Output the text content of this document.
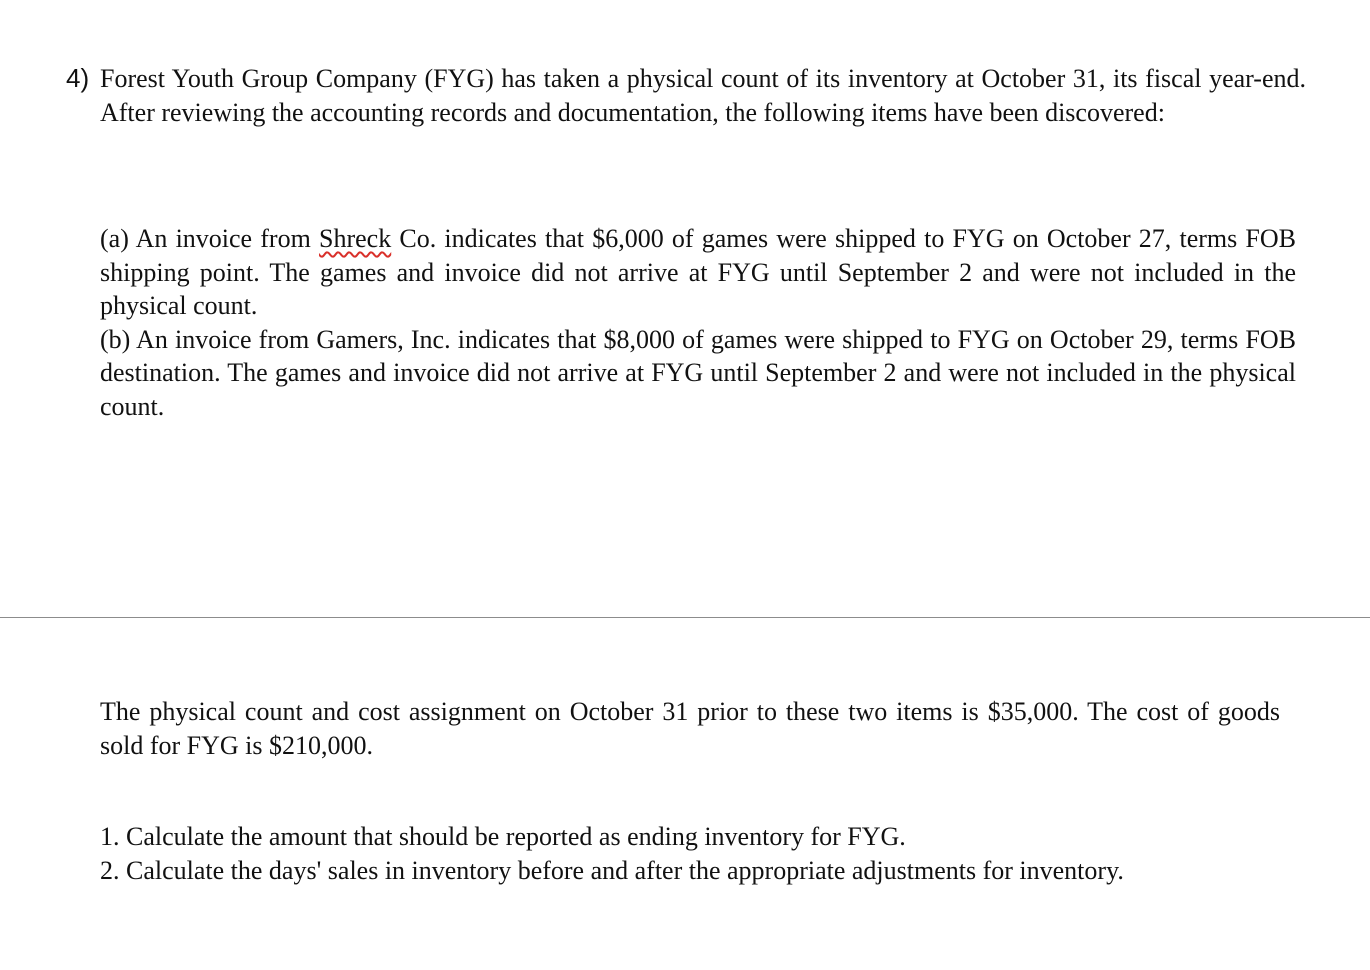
4) Forest Youth Group Company (FYG) has taken a physical count of its inventory at October 31, its fiscal year-end. After reviewing the accounting records and documentation, the following items have been discovered:

(a) An invoice from Shreck Co. indicates that $6,000 of games were shipped to FYG on October 27, terms FOB shipping point. The games and invoice did not arrive at FYG until September 2 and were not included in the physical count.

(b) An invoice from Gamers, Inc. indicates that $8,000 of games were shipped to FYG on October 29, terms FOB destination. The games and invoice did not arrive at FYG until September 2 and were not included in the physical count.

The physical count and cost assignment on October 31 prior to these two items is $35,000. The cost of goods sold for FYG is $210,000.

1. Calculate the amount that should be reported as ending inventory for FYG.

2. Calculate the days' sales in inventory before and after the appropriate adjustments for inventory.
